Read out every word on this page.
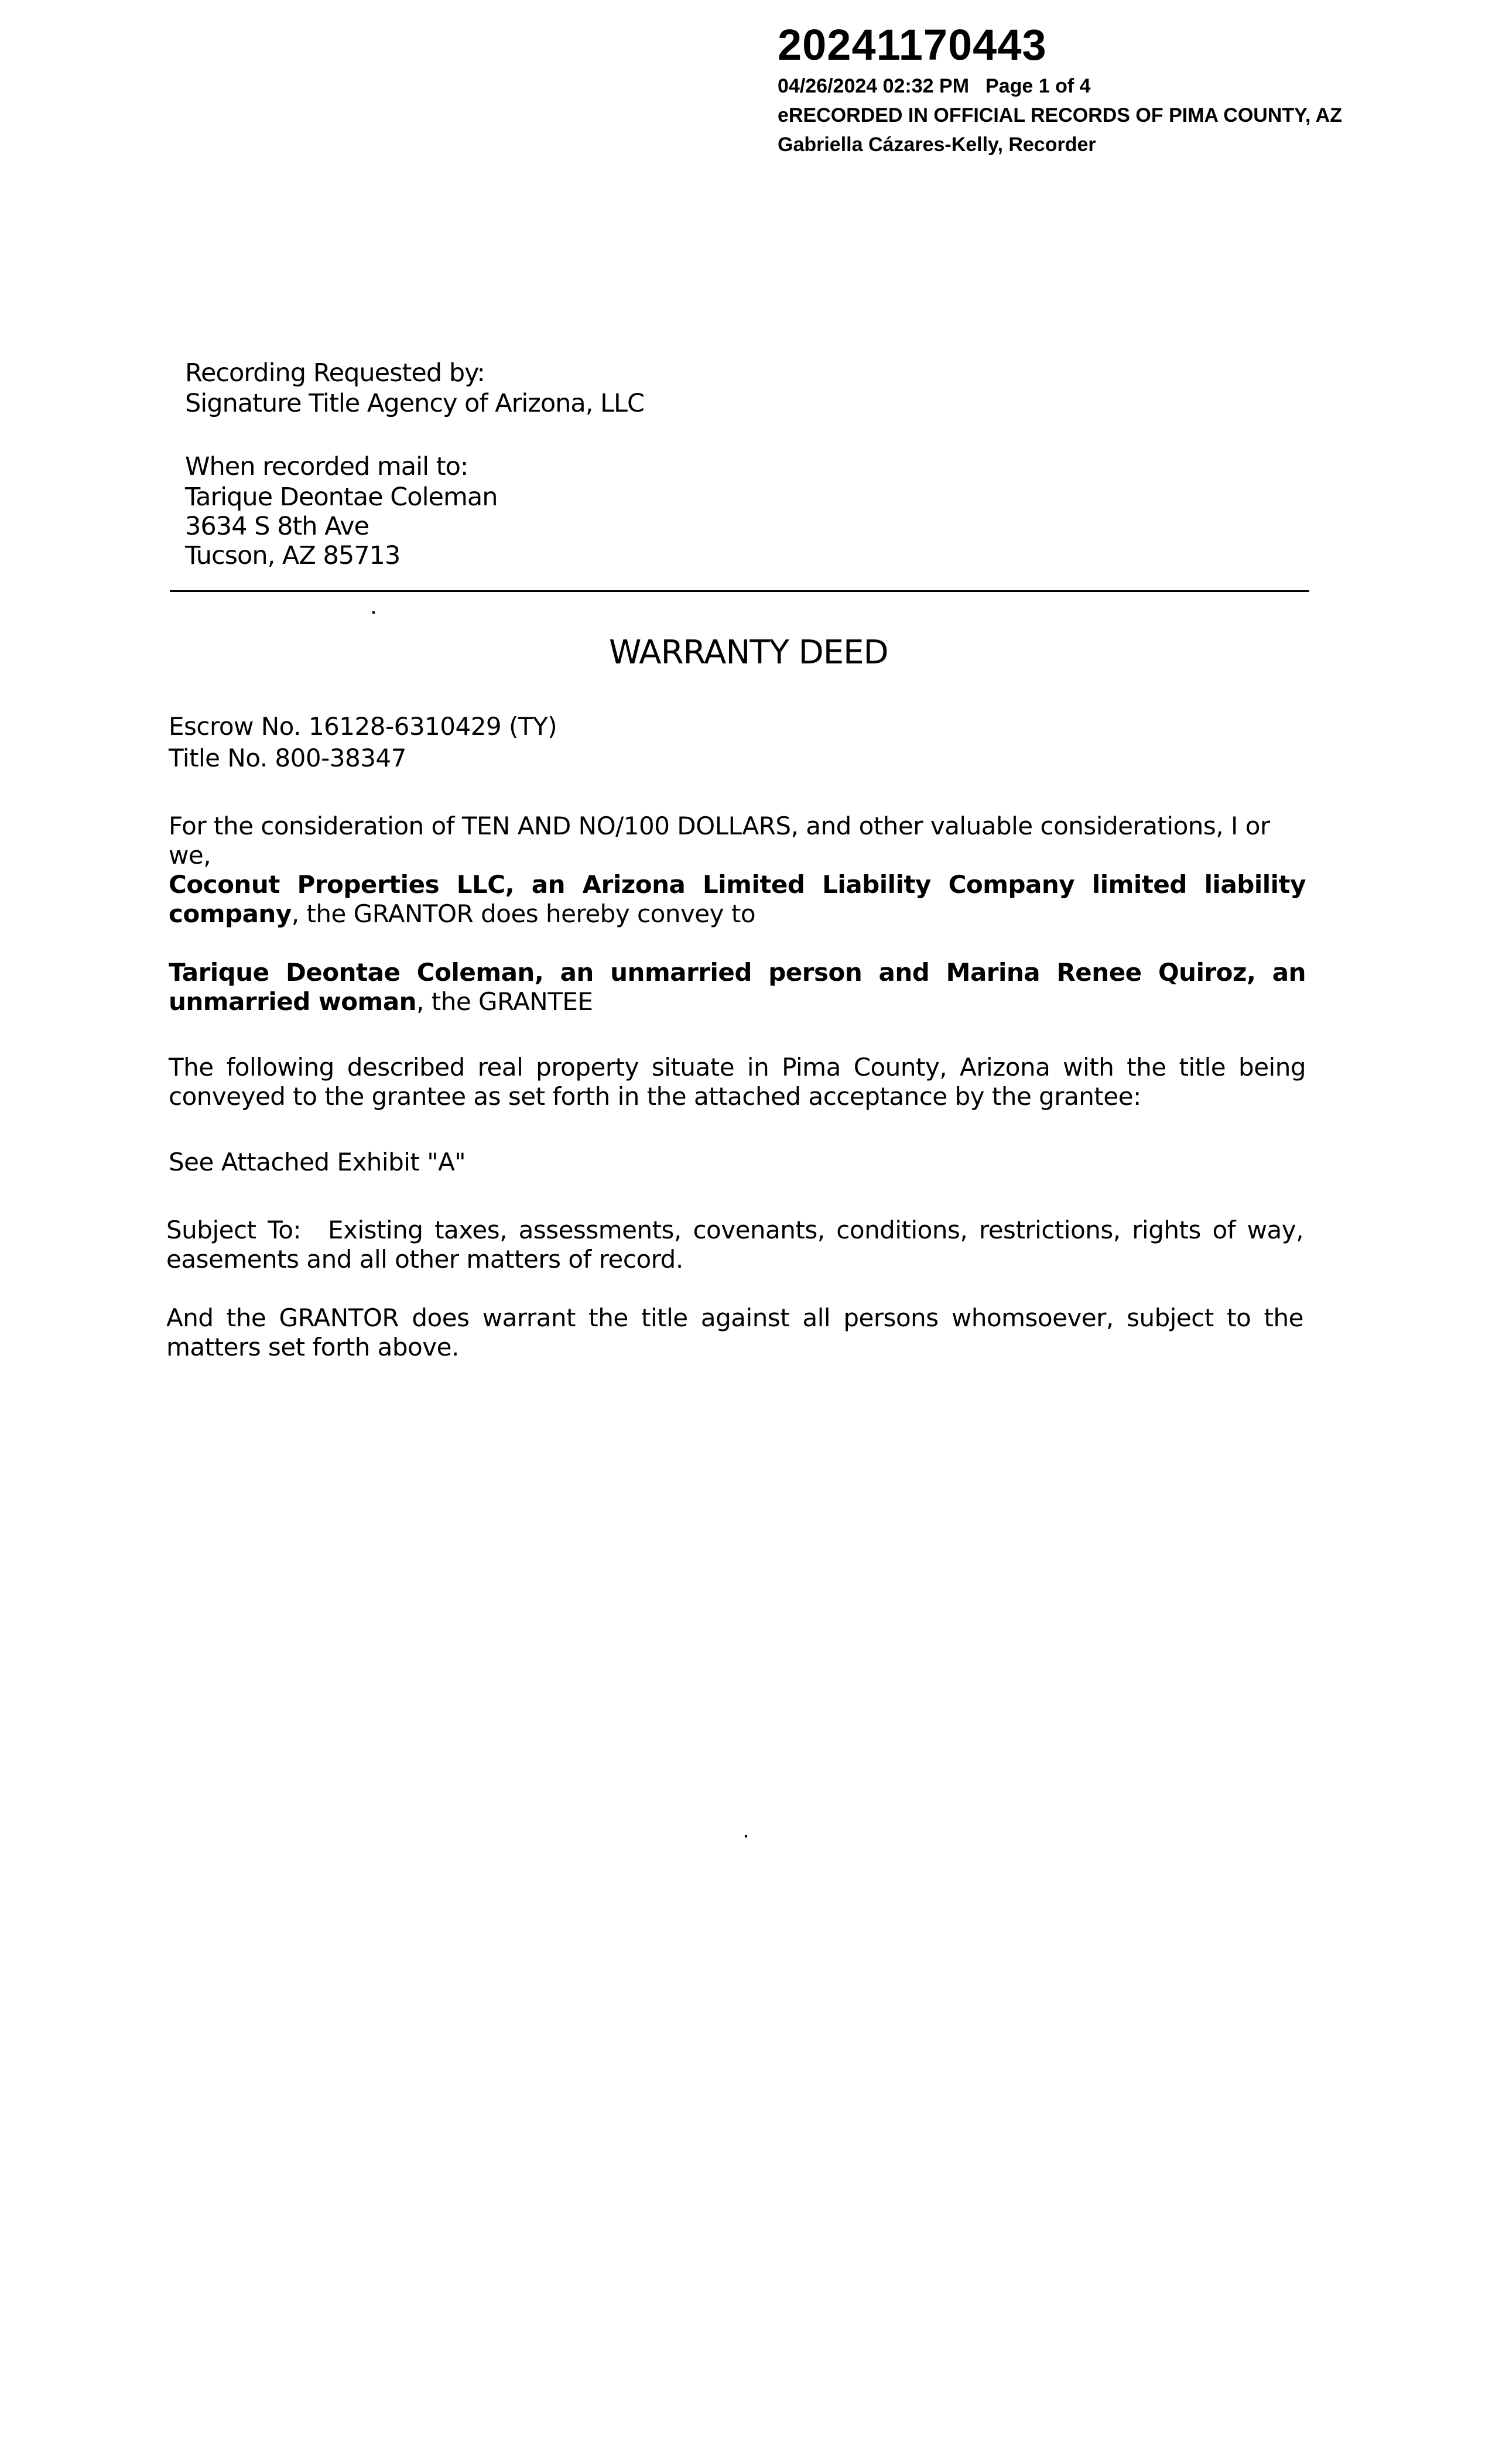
20241170443
04/26/2024 02:32 PM Page 1 of 4
eRECORDED IN OFFICIAL RECORDS OF PIMA COUNTY, AZ
Gabriella Cázares-Kelly, Recorder
Recording Requested by:
Signature Title Agency of Arizona, LLC
When recorded mail to:
Tarique Deontae Coleman
3634 S 8th Ave
Tucson, AZ 85713
WARRANTY DEED
Escrow No. 16128-6310429 (TY)
Title No. 800-38347
For the consideration of TEN AND NO/100 DOLLARS, and other valuable considerations, I or we,
Coconut Properties LLC, an Arizona Limited Liability Company limited liability company, the GRANTOR does hereby convey to
Tarique Deontae Coleman, an unmarried person and Marina Renee Quiroz, an unmarried woman, the GRANTEE
The following described real property situate in Pima County, Arizona with the title being conveyed to the grantee as set forth in the attached acceptance by the grantee:
See Attached Exhibit "A"
Subject To: Existing taxes, assessments, covenants, conditions, restrictions, rights of way, easements and all other matters of record.
And the GRANTOR does warrant the title against all persons whomsoever, subject to the matters set forth above.
